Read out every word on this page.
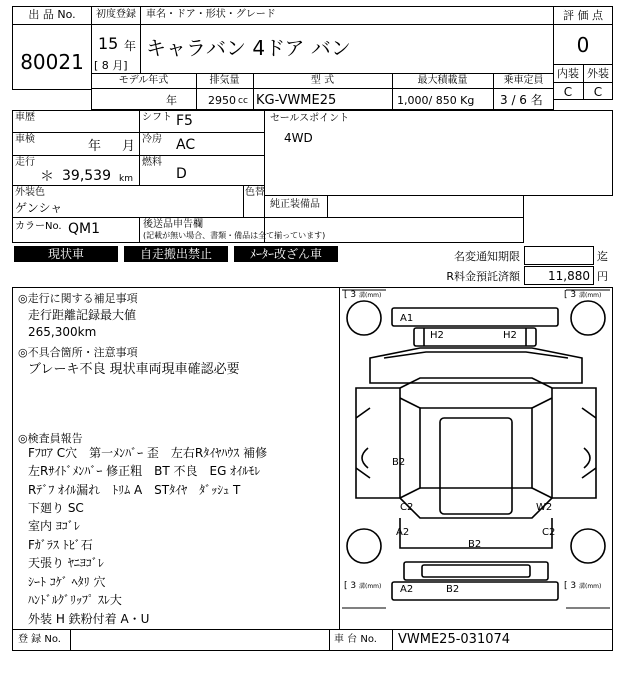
出 品 No.
80021
初度登録
15 年
[ 8 月]
車名・ドア・形状・グレード
キャラバン 4ドア バン
評 価 点
0
内装 外装
C	C
モデル年式	排気量	型 式	最大積載量	乗車定員
年	2950 cc KG-VWME25	1,000/ 850 Kg 3 / 6 名
車歴	シフト F5
車検	年 月 冷房 AC
走行
＊ 39,539 km
燃料
D
外装色
ゲンシャ
色替
カラーNo. QM1	後送品申告欄
(記載が無い場合、書類・備品は全て揃っています)
セールスポイント
4WD
純正装備品
現状車	自走搬出禁止	ﾒｰﾀｰ改ざん車	名変通知期限	迄
R料金預託済額	11,880 円
◎走行に関する補足事項
走行距離記録最大値
265,300km
◎不具合箇所・注意事項
ブレーキ不良 現状車両現車確認必要
◎検査員報告
Fﾌﾛｱ C穴　第一ﾒﾝﾊﾞｰ 歪　左右Rﾀｲﾔﾊｳｽ 補修
左Rｻｲﾄﾞﾒﾝﾊﾞｰ 修正粗　BT 不良　EG ｵｲﾙﾓﾚ
Rﾃﾞﾌ ｵｲﾙ漏れ　ﾄﾘﾑ A　STﾀｲﾔ　ﾀﾞｯｼｭ T
下廻り SC
室内 ﾖｺﾞﾚ
Fｶﾞﾗｽ ﾄﾋﾞ石
天張り ﾔﾆﾖｺﾞﾚ
ｼｰﾄ ｺｹﾞ ﾍﾀﾘ 穴
ﾊﾝﾄﾞﾙｸﾞﾘｯﾌﾟ ｽﾚ大
外装 H 鉄粉付着 A・U
[ 3 溝(mm)	[ 3 溝(mm)
[ 3 溝(mm)	[ 3 溝(mm)
A1
H2	H2
B2
C2
A2
W2
C2
B2
A2	B2
登 録 No.	車 台 No. VWME25-031074
